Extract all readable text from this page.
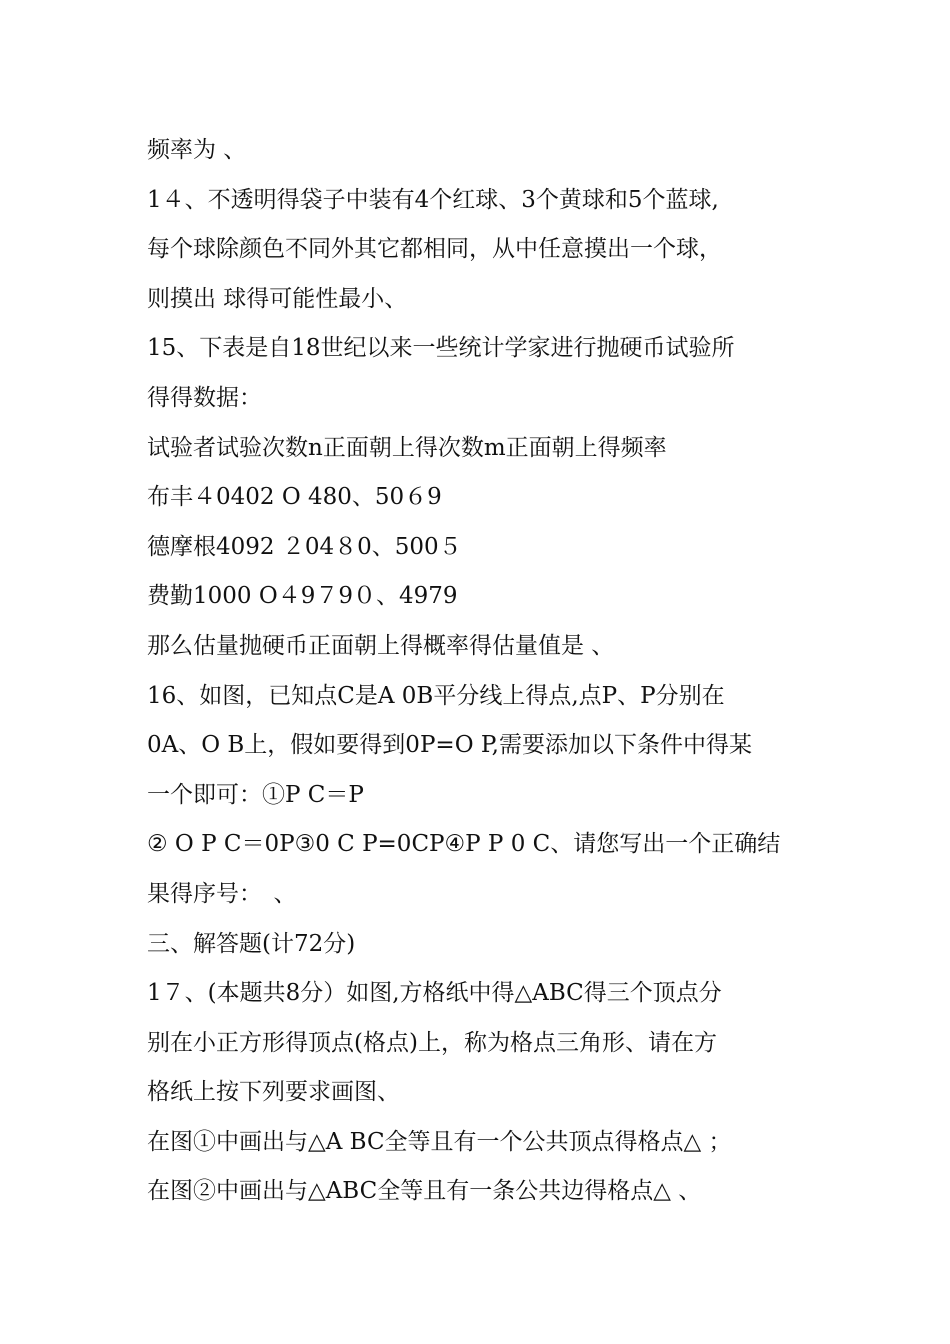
频率为 、
1４、不透明得袋子中装有4个红球、3个黄球和5个蓝球,
每个球除颜色不同外其它都相同，从中任意摸出一个球，
则摸出 球得可能性最小、
15、下表是自18世纪以来一些统计学家进行抛硬币试验所
得得数据：
试验者试验次数n正面朝上得次数m正面朝上得频率
布丰４0402 O 480、50６9
德摩根4092 ２04８0、500５
费勤1000 O４9７9０、4979
那么估量抛硬币正面朝上得概率得估量值是 、
16、如图，已知点C是A 0B平分线上得点,点P、P分别在
0A、O B上，假如要得到0P=O P,需要添加以下条件中得某
一个即可：①P C＝P
② O P C＝0P③0 C P=0CP④P P 0 C、请您写出一个正确结
果得序号：　、
三、解答题(计72分)
1７、(本题共8分）如图,方格纸中得△ABC得三个顶点分
别在小正方形得顶点(格点)上，称为格点三角形、请在方
格纸上按下列要求画图、
在图①中画出与△A BC全等且有一个公共顶点得格点△ ；
在图②中画出与△ABC全等且有一条公共边得格点△ 、
